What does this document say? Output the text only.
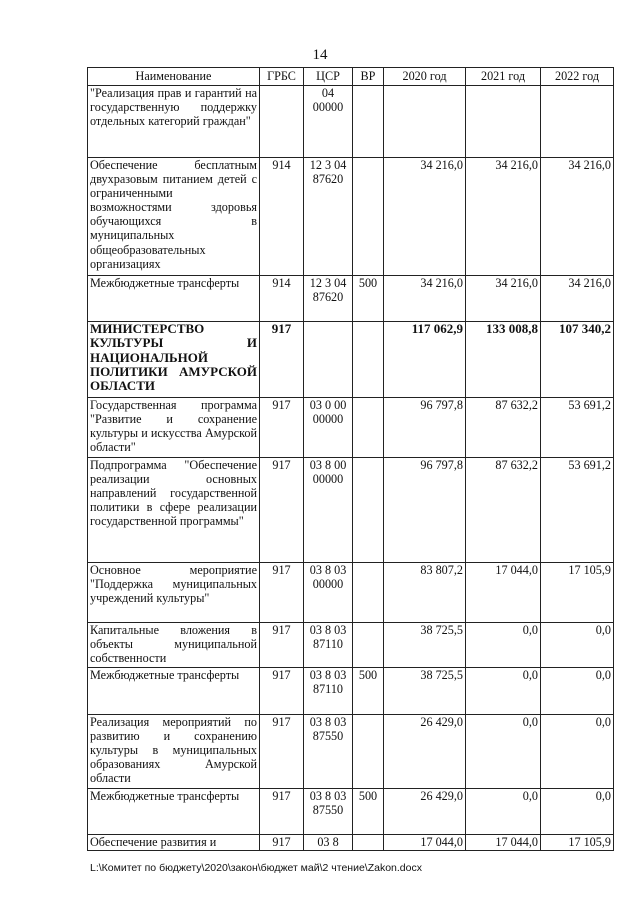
14
Наименование	ГРБС	ЦСР	ВР	2020 год	2021 год	2022 год
"Реализация прав и гарантий на государственную поддержку отдельных категорий граждан"		04 00000				
Обеспечение бесплатным двухразовым питанием детей с ограниченными возможностями здоровья обучающихся в муниципальных общеобразовательных организациях	914	12 3 04 87620		34 216,0	34 216,0	34 216,0
Межбюджетные трансферты	914	12 3 04 87620	500	34 216,0	34 216,0	34 216,0
МИНИСТЕРСТВО КУЛЬТУРЫ И НАЦИОНАЛЬНОЙ ПОЛИТИКИ АМУРСКОЙ ОБЛАСТИ	917			117 062,9	133 008,8	107 340,2
Государственная программа "Развитие и сохранение культуры и искусства Амурской области"	917	03 0 00 00000		96 797,8	87 632,2	53 691,2
Подпрограмма "Обеспечение реализации основных направлений государственной политики в сфере реализации государственной программы"	917	03 8 00 00000		96 797,8	87 632,2	53 691,2
Основное мероприятие "Поддержка муниципальных учреждений культуры"	917	03 8 03 00000		83 807,2	17 044,0	17 105,9
Капитальные вложения в объекты муниципальной собственности	917	03 8 03 87110		38 725,5	0,0	0,0
Межбюджетные трансферты	917	03 8 03 87110	500	38 725,5	0,0	0,0
Реализация мероприятий по развитию и сохранению культуры в муниципальных образованиях Амурской области	917	03 8 03 87550		26 429,0	0,0	0,0
Межбюджетные трансферты	917	03 8 03 87550	500	26 429,0	0,0	0,0
Обеспечение развития и	917	03 8		17 044,0	17 044,0	17 105,9
L:\Комитет по бюджету\2020\закон\бюджет май\2 чтение\Zakon.docx
